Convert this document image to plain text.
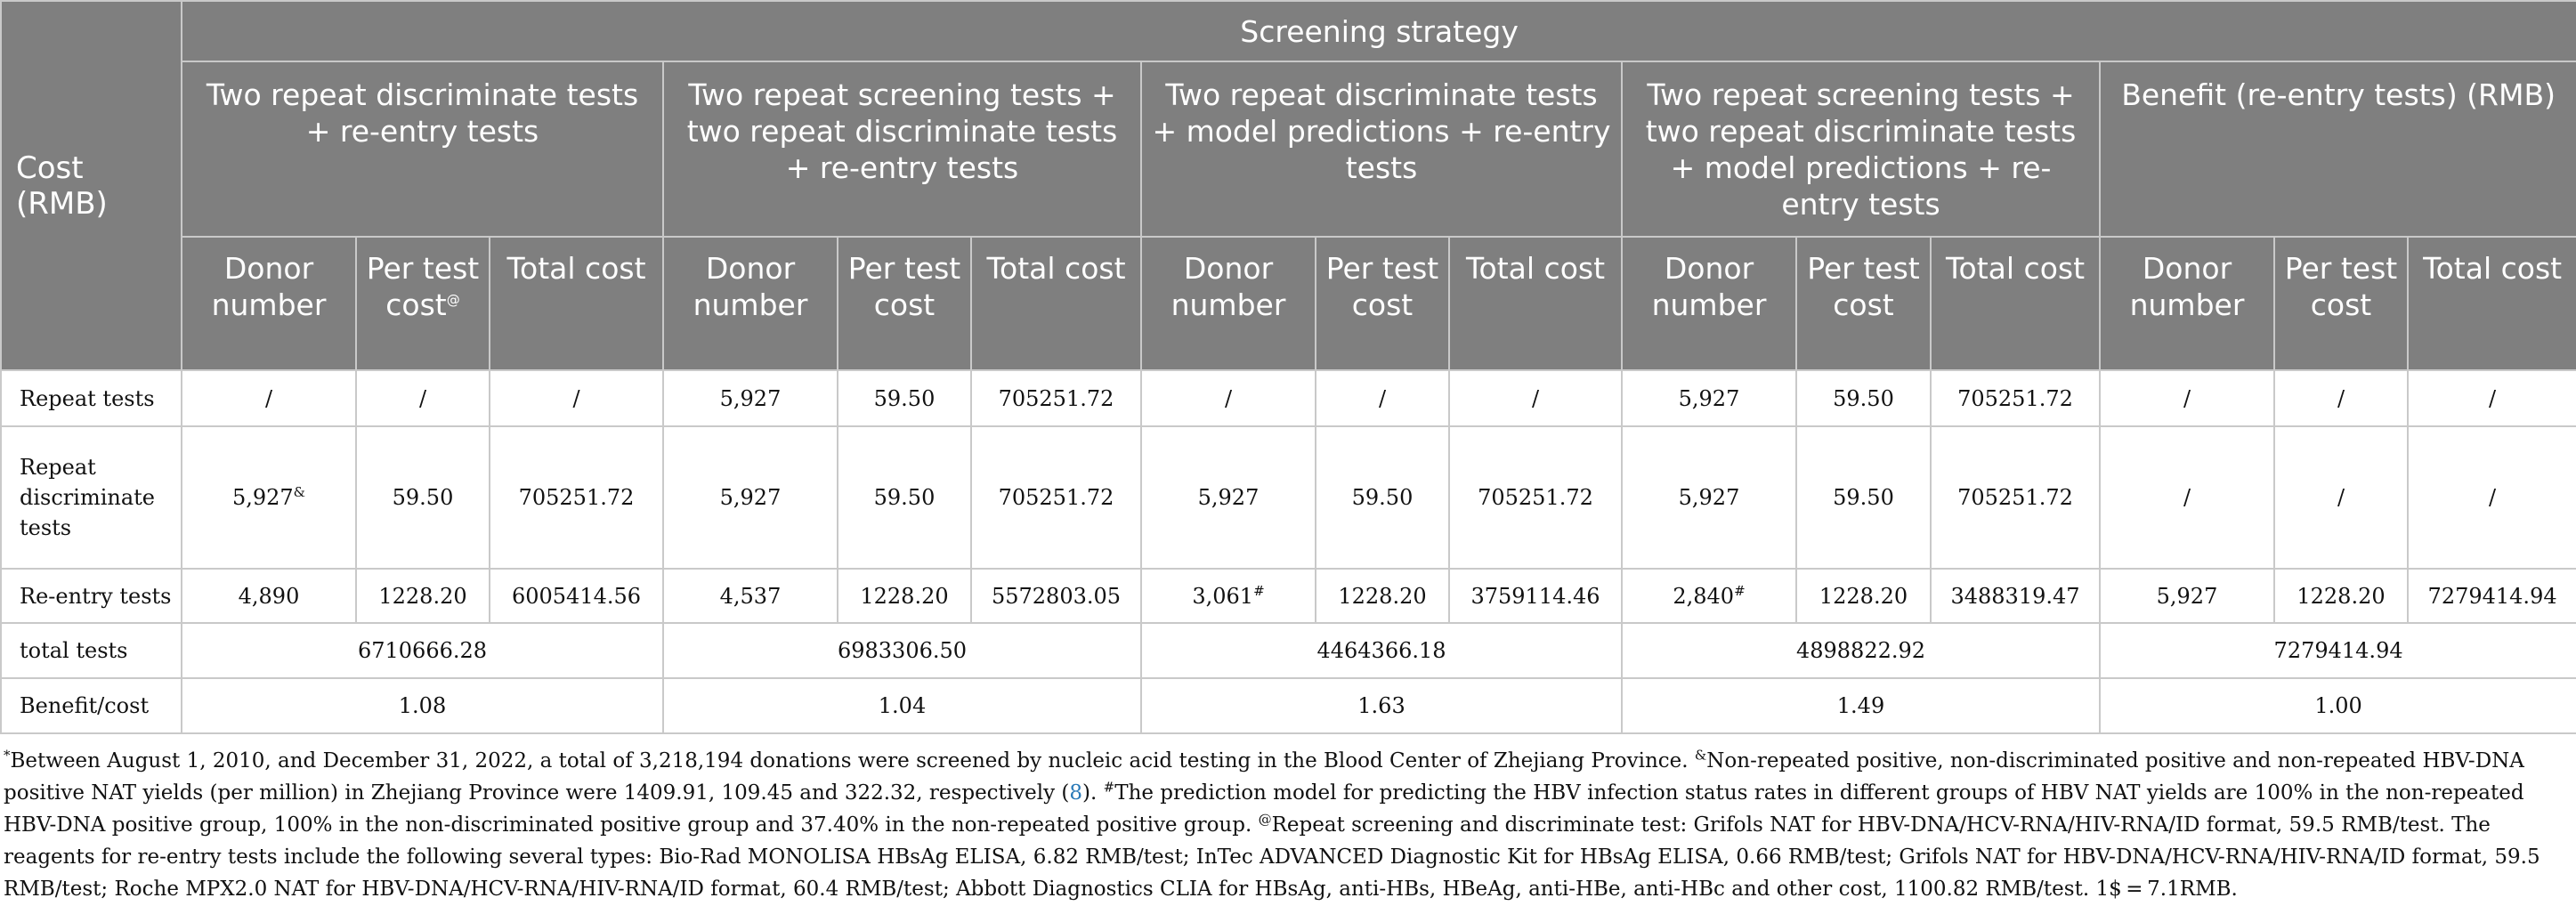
Cost (RMB)	Screening strategy														
	Two repeat discriminate tests + re-entry tests			Two repeat screening tests + two repeat discriminate tests + re-entry tests			Two repeat discriminate tests + model predictions + re-entry tests			Two repeat screening tests + two repeat discriminate tests + model predictions + re-entry tests			Benefit (re-entry tests) (RMB)		
	Donor number	Per test cost@	Total cost	Donor number	Per test cost	Total cost	Donor number	Per test cost	Total cost	Donor number	Per test cost	Total cost	Donor number	Per test cost	Total cost
Repeat tests	/	/	/	5,927	59.50	705251.72	/	/	/	5,927	59.50	705251.72	/	/	/
Repeat discriminate tests	5,927&	59.50	705251.72	5,927	59.50	705251.72	5,927	59.50	705251.72	5,927	59.50	705251.72	/	/	/
Re-entry tests	4,890	1228.20	6005414.56	4,537	1228.20	5572803.05	3,061#	1228.20	3759114.46	2,840#	1228.20	3488319.47	5,927	1228.20	7279414.94
total tests	6710666.28			6983306.50			4464366.18			4898822.92			7279414.94		
Benefit/cost	1.08			1.04			1.63			1.49			1.00		

*Between August 1, 2010, and December 31, 2022, a total of 3,218,194 donations were screened by nucleic acid testing in the Blood Center of Zhejiang Province. &Non-repeated positive, non-discriminated positive and non-repeated HBV-DNA positive NAT yields (per million) in Zhejiang Province were 1409.91, 109.45 and 322.32, respectively (8). #The prediction model for predicting the HBV infection status rates in different groups of HBV NAT yields are 100% in the non-repeated HBV-DNA positive group, 100% in the non-discriminated positive group and 37.40% in the non-repeated positive group. @Repeat screening and discriminate test: Grifols NAT for HBV-DNA/HCV-RNA/HIV-RNA/ID format, 59.5 RMB/test. The reagents for re-entry tests include the following several types: Bio-Rad MONOLISA HBsAg ELISA, 6.82 RMB/test; InTec ADVANCED Diagnostic Kit for HBsAg ELISA, 0.66 RMB/test; Grifols NAT for HBV-DNA/HCV-RNA/HIV-RNA/ID format, 59.5 RMB/test; Roche MPX2.0 NAT for HBV-DNA/HCV-RNA/HIV-RNA/ID format, 60.4 RMB/test; Abbott Diagnostics CLIA for HBsAg, anti-HBs, HBeAg, anti-HBe, anti-HBc and other cost, 1100.82 RMB/test. 1$ = 7.1RMB.
